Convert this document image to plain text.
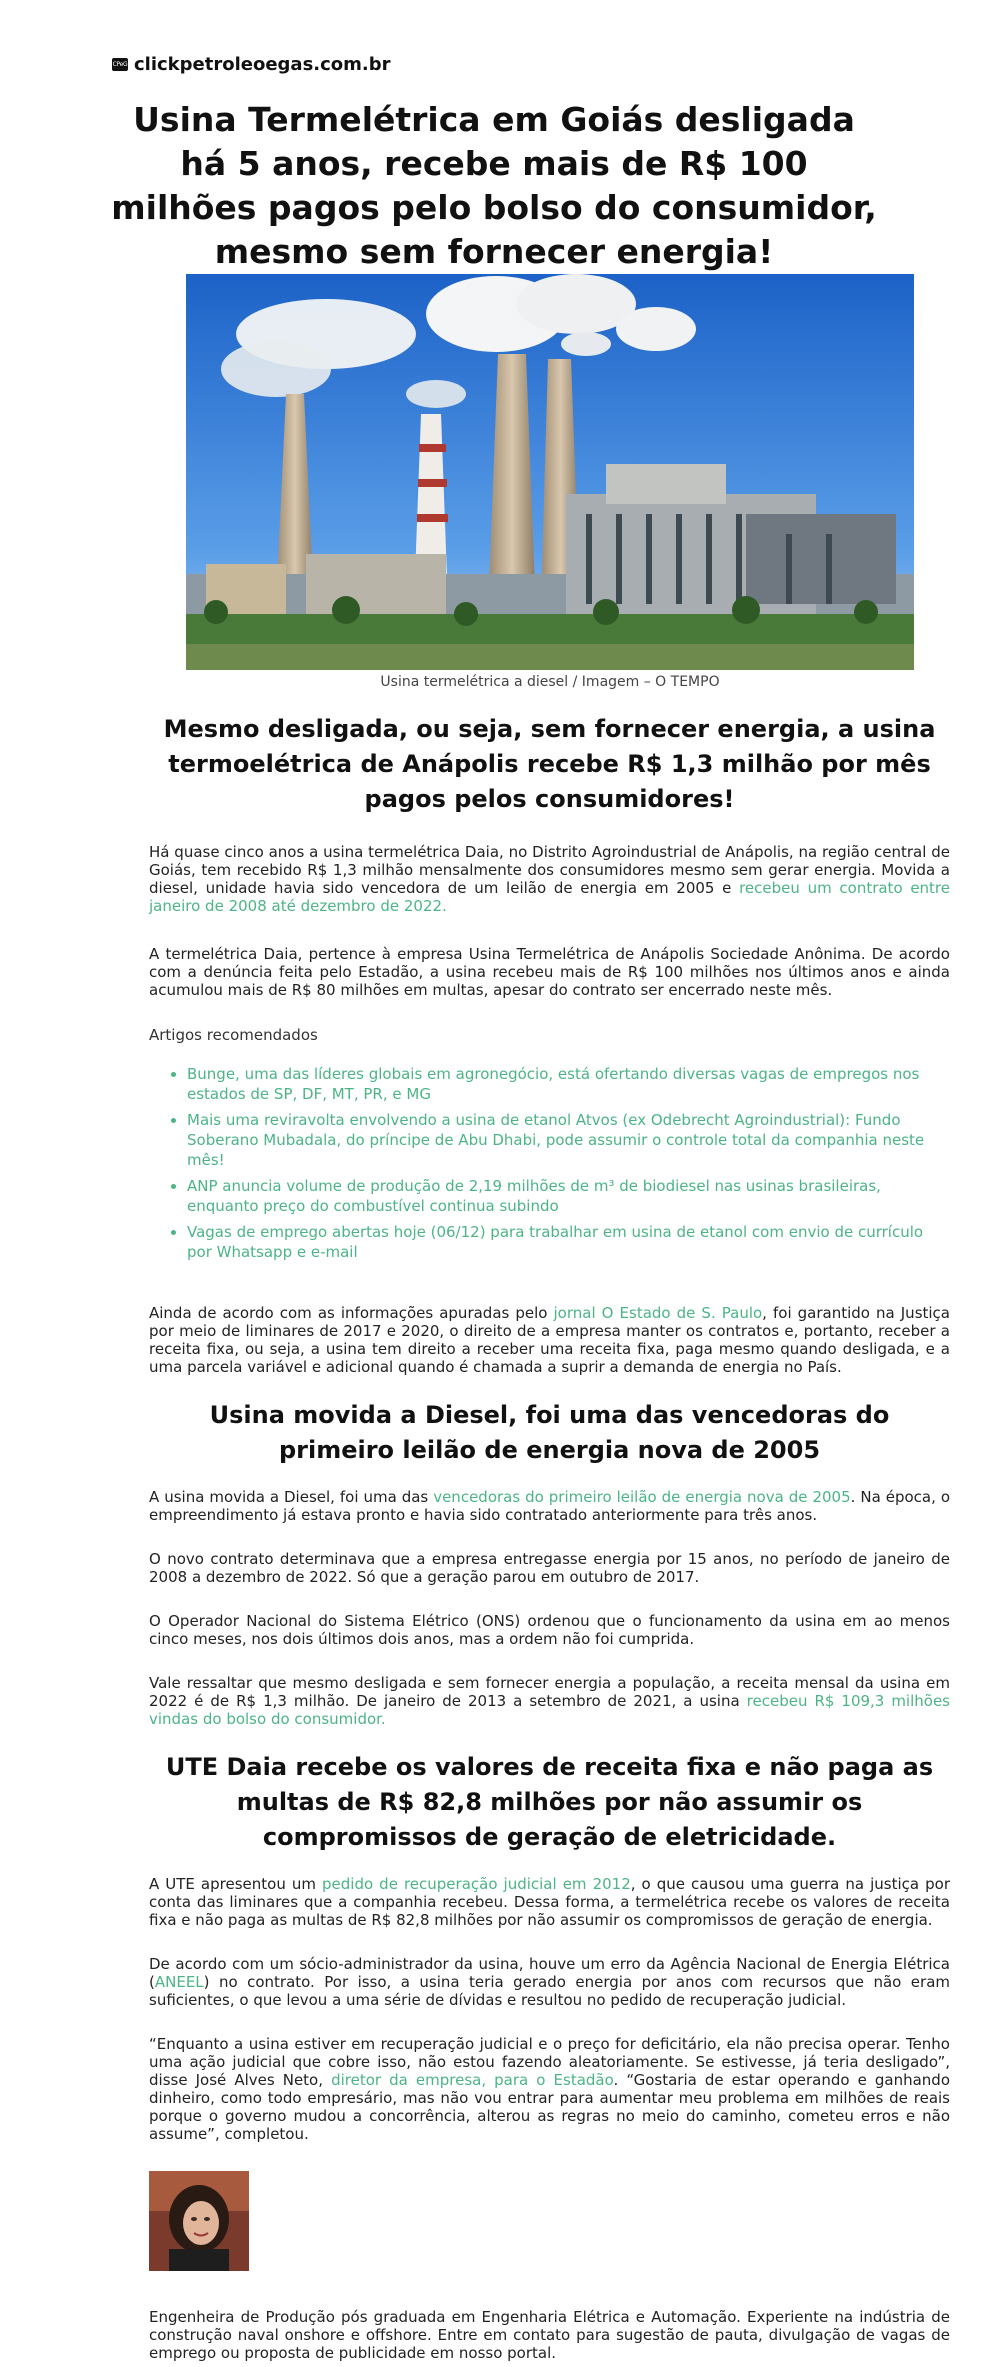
CPeG clickpetroleoegas.com.br
Usina Termelétrica em Goiás desligada há 5 anos, recebe mais de R$ 100 milhões pagos pelo bolso do consumidor, mesmo sem fornecer energia!
Usina termelétrica a diesel / Imagem – O TEMPO
Mesmo desligada, ou seja, sem fornecer energia, a usina termoelétrica de Anápolis recebe R$ 1,3 milhão por mês pagos pelos consumidores!

Há quase cinco anos a usina termelétrica Daia, no Distrito Agroindustrial de Anápolis, na região central de Goiás, tem recebido R$ 1,3 milhão mensalmente dos consumidores mesmo sem gerar energia. Movida a diesel, unidade havia sido vencedora de um leilão de energia em 2005 e recebeu um contrato entre janeiro de 2008 até dezembro de 2022.

A termelétrica Daia, pertence à empresa Usina Termelétrica de Anápolis Sociedade Anônima. De acordo com a denúncia feita pelo Estadão, a usina recebeu mais de R$ 100 milhões nos últimos anos e ainda acumulou mais de R$ 80 milhões em multas, apesar do contrato ser encerrado neste mês.

Artigos recomendados
• Bunge, uma das líderes globais em agronegócio, está ofertando diversas vagas de empregos nos estados de SP, DF, MT, PR, e MG
• Mais uma reviravolta envolvendo a usina de etanol Atvos (ex Odebrecht Agroindustrial): Fundo Soberano Mubadala, do príncipe de Abu Dhabi, pode assumir o controle total da companhia neste mês!
• ANP anuncia volume de produção de 2,19 milhões de m³ de biodiesel nas usinas brasileiras, enquanto preço do combustível continua subindo
• Vagas de emprego abertas hoje (06/12) para trabalhar em usina de etanol com envio de currículo por Whatsapp e e-mail

Ainda de acordo com as informações apuradas pelo jornal O Estado de S. Paulo, foi garantido na Justiça por meio de liminares de 2017 e 2020, o direito de a empresa manter os contratos e, portanto, receber a receita fixa, ou seja, a usina tem direito a receber uma receita fixa, paga mesmo quando desligada, e a uma parcela variável e adicional quando é chamada a suprir a demanda de energia no País.

Usina movida a Diesel, foi uma das vencedoras do primeiro leilão de energia nova de 2005

A usina movida a Diesel, foi uma das vencedoras do primeiro leilão de energia nova de 2005. Na época, o empreendimento já estava pronto e havia sido contratado anteriormente para três anos.

O novo contrato determinava que a empresa entregasse energia por 15 anos, no período de janeiro de 2008 a dezembro de 2022. Só que a geração parou em outubro de 2017.

O Operador Nacional do Sistema Elétrico (ONS) ordenou que o funcionamento da usina em ao menos cinco meses, nos dois últimos dois anos, mas a ordem não foi cumprida.

Vale ressaltar que mesmo desligada e sem fornecer energia a população, a receita mensal da usina em 2022 é de R$ 1,3 milhão. De janeiro de 2013 a setembro de 2021, a usina recebeu R$ 109,3 milhões vindas do bolso do consumidor.

UTE Daia recebe os valores de receita fixa e não paga as multas de R$ 82,8 milhões por não assumir os compromissos de geração de eletricidade.

A UTE apresentou um pedido de recuperação judicial em 2012, o que causou uma guerra na justiça por conta das liminares que a companhia recebeu. Dessa forma, a termelétrica recebe os valores de receita fixa e não paga as multas de R$ 82,8 milhões por não assumir os compromissos de geração de energia.

De acordo com um sócio-administrador da usina, houve um erro da Agência Nacional de Energia Elétrica (ANEEL) no contrato. Por isso, a usina teria gerado energia por anos com recursos que não eram suficientes, o que levou a uma série de dívidas e resultou no pedido de recuperação judicial.

“Enquanto a usina estiver em recuperação judicial e o preço for deficitário, ela não precisa operar. Tenho uma ação judicial que cobre isso, não estou fazendo aleatoriamente. Se estivesse, já teria desligado”, disse José Alves Neto, diretor da empresa, para o Estadão. “Gostaria de estar operando e ganhando dinheiro, como todo empresário, mas não vou entrar para aumentar meu problema em milhões de reais porque o governo mudou a concorrência, alterou as regras no meio do caminho, cometeu erros e não assume”, completou.

Engenheira de Produção pós graduada em Engenharia Elétrica e Automação. Experiente na indústria de construção naval onshore e offshore. Entre em contato para sugestão de pauta, divulgação de vagas de emprego ou proposta de publicidade em nosso portal.
